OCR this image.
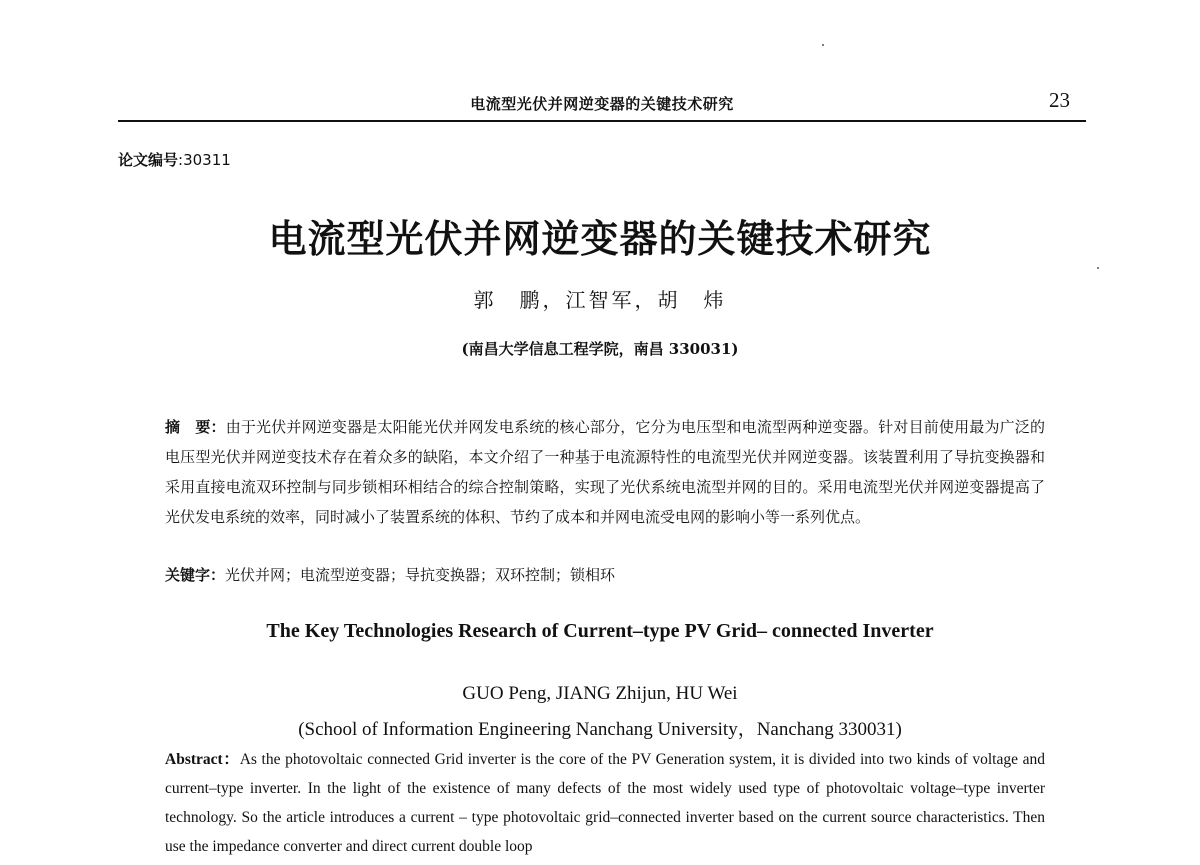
电流型光伏并网逆变器的关键技术研究	23
论文编号:30311
电流型光伏并网逆变器的关键技术研究
郭　鹏，江智军，胡　炜
(南昌大学信息工程学院，南昌 330031)
摘　要：由于光伏并网逆变器是太阳能光伏并网发电系统的核心部分，它分为电压型和电流型两种逆变器。针对目前使用最为广泛的电压型光伏并网逆变技术存在着众多的缺陷，本文介绍了一种基于电流源特性的电流型光伏并网逆变器。该装置利用了导抗变换器和采用直接电流双环控制与同步锁相环相结合的综合控制策略，实现了光伏系统电流型并网的目的。采用电流型光伏并网逆变器提高了光伏发电系统的效率，同时减小了装置系统的体积、节约了成本和并网电流受电网的影响小等一系列优点。
关键字：光伏并网；电流型逆变器；导抗变换器；双环控制；锁相环
The Key Technologies Research of Current–type PV Grid– connected Inverter
GUO Peng, JIANG Zhijun, HU Wei
(School of Information Engineering Nanchang University，Nanchang 330031)
Abstract：As the photovoltaic connected Grid inverter is the core of the PV Generation system, it is divided into two kinds of voltage and current–type inverter. In the light of the existence of many defects of the most widely used type of photovoltaic voltage–type inverter technology. So the article introduces a current – type photovoltaic grid–connected inverter based on the current source characteristics. Then use the impedance converter and direct current double loop
